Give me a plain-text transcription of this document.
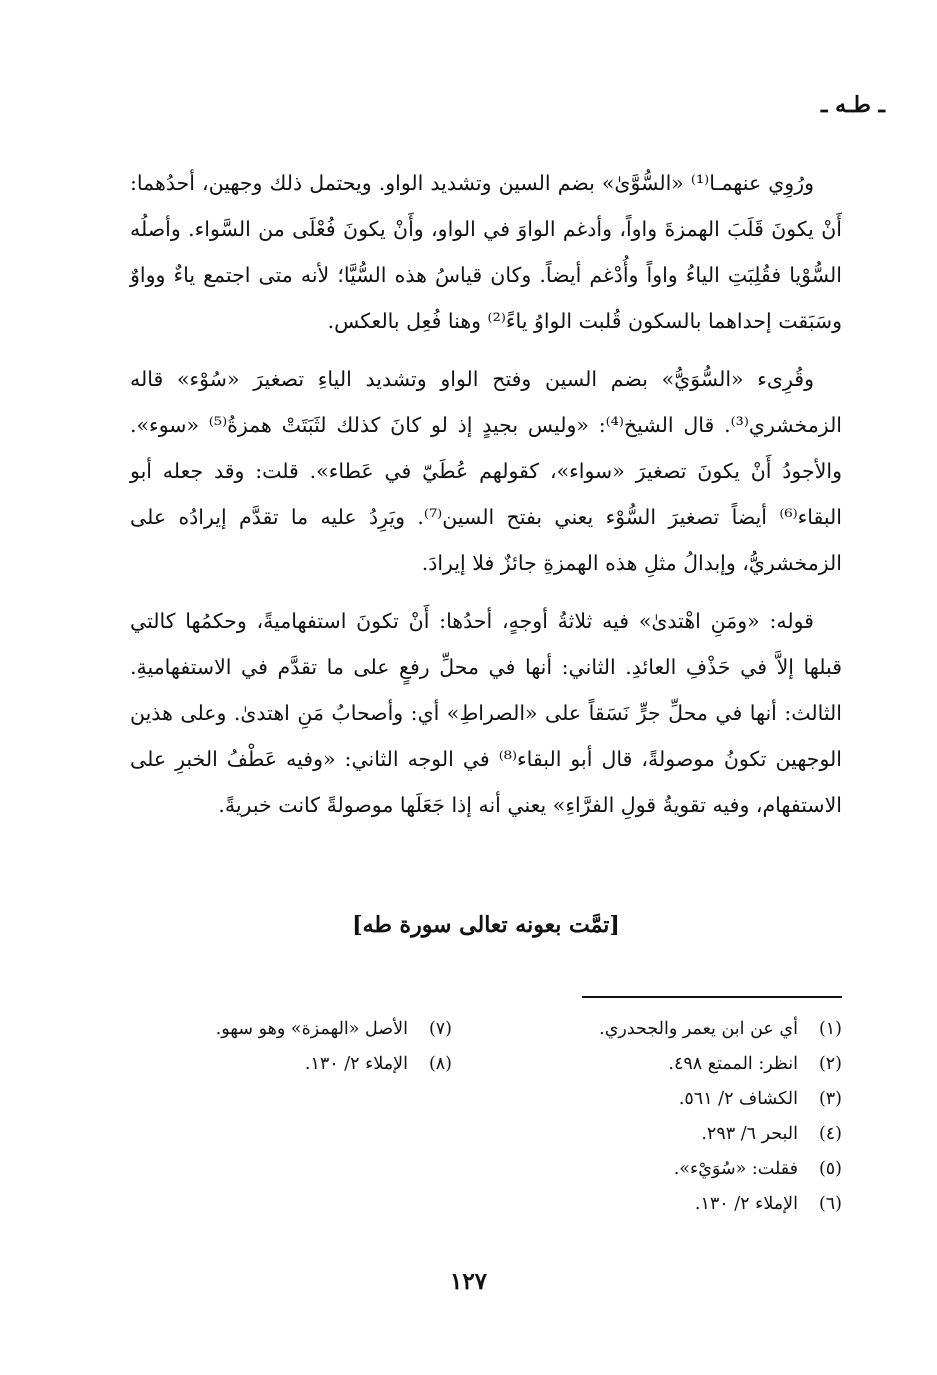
ـ طـه ـ

ورُوِي عنهمـا⁽¹⁾ «السُّوَّىٰ» بضم السين وتشديد الواو. ويحتمل ذلك وجهين، أحدُهما: أَنْ يكونَ قَلَبَ الهمزةَ واواً، وأدغم الواوَ في الواو، وأَنْ يكونَ فُعْلَى من السَّواء. وأصلُه السُّوْيا فقُلِبَتِ الياءُ واواً وأُدْغم أيضاً. وكان قياسُ هذه السُّيَّا؛ لأنه متى اجتمع ياءٌ وواوٌ وسَبَقت إحداهما بالسكون قُلبت الواوُ ياءً⁽²⁾ وهنا فُعِل بالعكس.

وقُرِىء «السُّوَيُّ» بضم السين وفتح الواو وتشديد الياءِ تصغيرَ «سُوْء» قاله الزمخشري⁽³⁾. قال الشيخ⁽⁴⁾: «وليس بجيدٍ إذ لو كانَ كذلك لثَبَتَتْ همزةُ⁽⁵⁾ «سوء». والأجودُ أَنْ يكونَ تصغيرَ «سواء»، كقولهم عُطَيّ في عَطاء». قلت: وقد جعله أبو البقاء⁽⁶⁾ أيضاً تصغيرَ السُّوْء يعني بفتح السين⁽⁷⁾. ويَرِدُ عليه ما تقدَّم إيرادُه على الزمخشريُّ، وإبدالُ مثلِ هذه الهمزةِ جائزٌ فلا إيرادَ.

قوله: «ومَنِ اهْتدىٰ» فيه ثلاثةُ أوجهٍ، أحدُها: أَنْ تكونَ استفهاميةً، وحكمُها كالتي قبلها إلاَّ في حَذْفِ العائدِ. الثاني: أنها في محلِّ رفعٍ على ما تقدَّم في الاستفهاميةِ. الثالث: أنها في محلِّ جرٍّ نَسَقاً على «الصراطِ» أي: وأصحابُ مَنِ اهتدىٰ. وعلى هذين الوجهين تكونُ موصولةً، قال أبو البقاء⁽⁸⁾ في الوجه الثاني: «وفيه عَطْفُ الخبرِ على الاستفهام، وفيه تقويةُ قولِ الفرَّاءِ» يعني أنه إذا جَعَلَها موصولةً كانت خبريةً.

[تمَّت بعونه تعالى سورة طه]
(١)أي عن ابن يعمر والجحدري.
(٢)انظر: الممتع ٤٩٨.
(٣)الكشاف ٢/ ٥٦١.
(٤)البحر ٦/ ٢٩٣.
(٥)فقلت: «سُوَيْء».
(٦)الإملاء ٢/ ١٣٠.
(٧)الأصل «الهمزة» وهو سهو.
(٨)الإملاء ٢/ ١٣٠.
١٢٧
